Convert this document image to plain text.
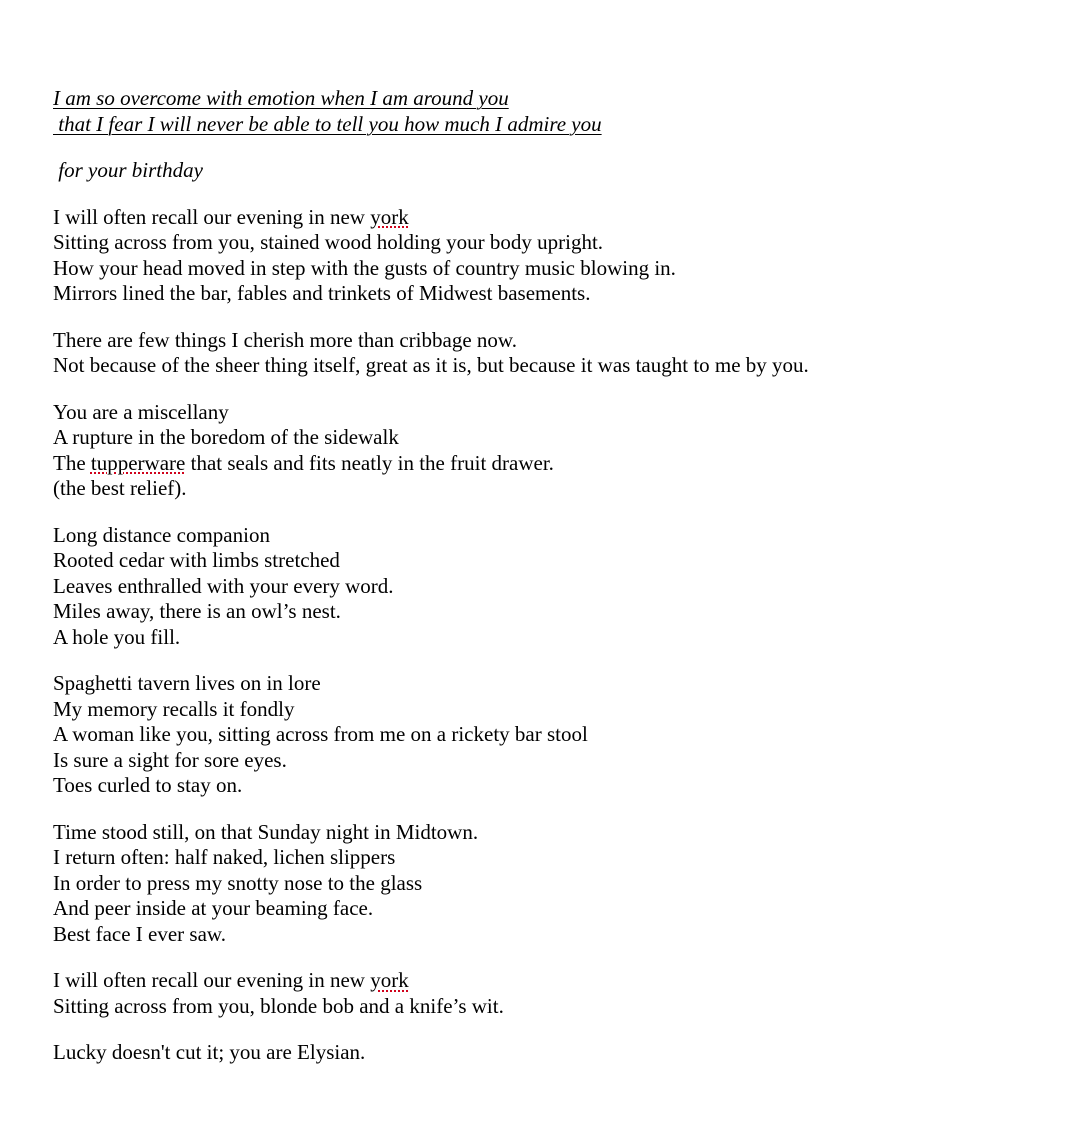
I am so overcome with emotion when I am around you
that I fear I will never be able to tell you how much I admire you
for your birthday
I will often recall our evening in new york
Sitting across from you, stained wood holding your body upright.
How your head moved in step with the gusts of country music blowing in.
Mirrors lined the bar, fables and trinkets of Midwest basements.
There are few things I cherish more than cribbage now.
Not because of the sheer thing itself, great as it is, but because it was taught to me by you.
You are a miscellany
A rupture in the boredom of the sidewalk
The tupperware that seals and fits neatly in the fruit drawer.
(the best relief).
Long distance companion
Rooted cedar with limbs stretched
Leaves enthralled with your every word.
Miles away, there is an owl’s nest.
A hole you fill.
Spaghetti tavern lives on in lore
My memory recalls it fondly
A woman like you, sitting across from me on a rickety bar stool
Is sure a sight for sore eyes.
Toes curled to stay on.
Time stood still, on that Sunday night in Midtown.
I return often: half naked, lichen slippers
In order to press my snotty nose to the glass
And peer inside at your beaming face.
Best face I ever saw.
I will often recall our evening in new york
Sitting across from you, blonde bob and a knife’s wit.
Lucky doesn't cut it; you are Elysian.
